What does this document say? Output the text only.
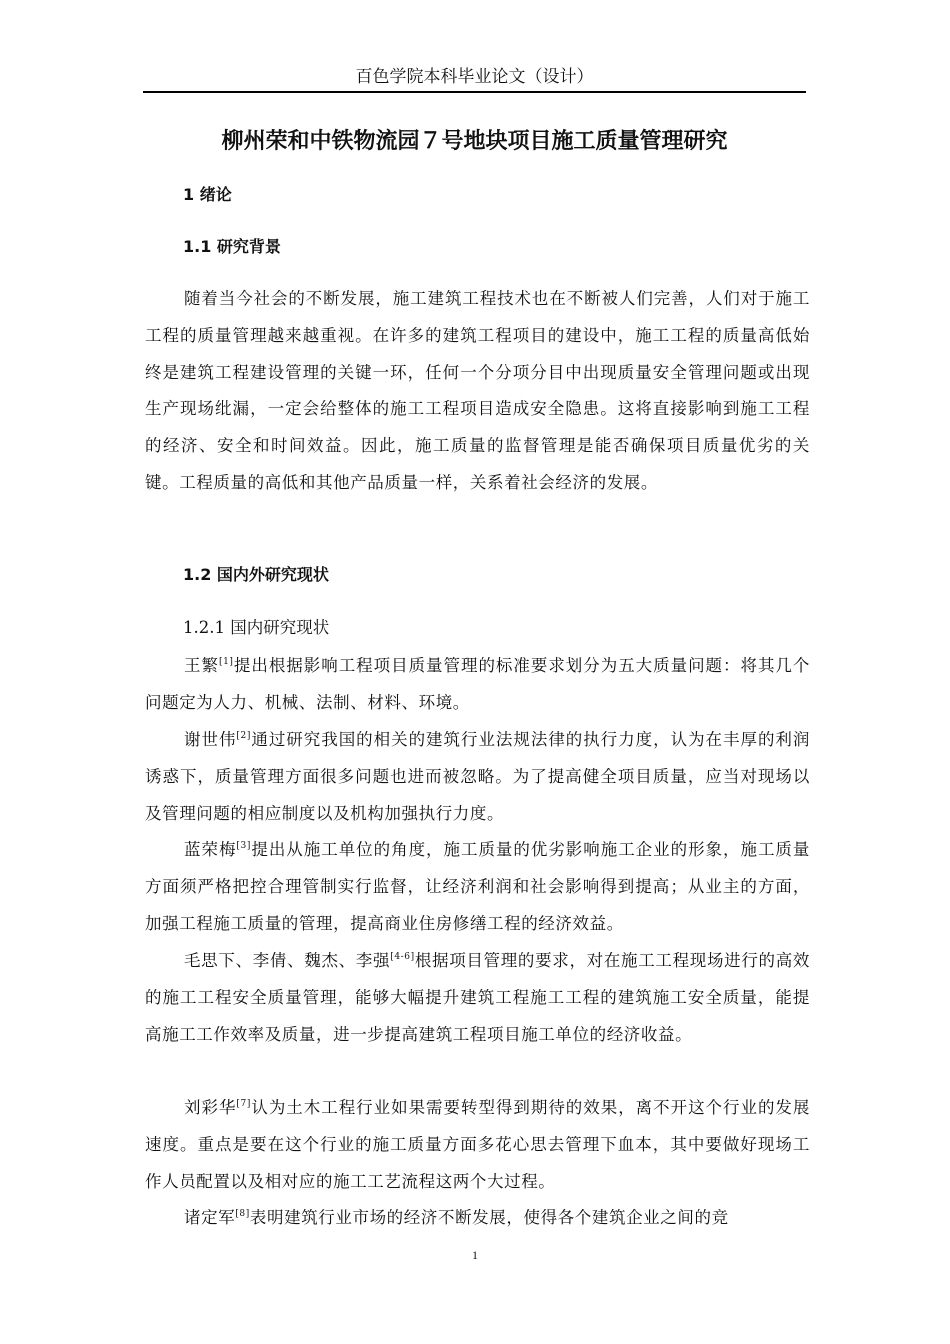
百色学院本科毕业论文（设计）
柳州荣和中铁物流园７号地块项目施工质量管理研究
1 绪论
1.1 研究背景

随着当今社会的不断发展，施工建筑工程技术也在不断被人们完善，人们对于施工工程的质量管理越来越重视。在许多的建筑工程项目的建设中，施工工程的质量高低始终是建筑工程建设管理的关键一环，任何一个分项分目中出现质量安全管理问题或出现生产现场纰漏，一定会给整体的施工工程项目造成安全隐患。这将直接影响到施工工程的经济、安全和时间效益。因此，施工质量的监督管理是能否确保项目质量优劣的关键。工程质量的高低和其他产品质量一样，关系着社会经济的发展。

1.2 国内外研究现状
1.2.1 国内研究现状

王繁[1]提出根据影响工程项目质量管理的标准要求划分为五大质量问题：将其几个问题定为人力、机械、法制、材料、环境。

谢世伟[2]通过研究我国的相关的建筑行业法规法律的执行力度，认为在丰厚的利润诱惑下，质量管理方面很多问题也进而被忽略。为了提高健全项目质量，应当对现场以及管理问题的相应制度以及机构加强执行力度。

蓝荣梅[3]提出从施工单位的角度，施工质量的优劣影响施工企业的形象，施工质量方面须严格把控合理管制实行监督，让经济利润和社会影响得到提高；从业主的方面，加强工程施工质量的管理，提高商业住房修缮工程的经济效益。

毛思下、李倩、魏杰、李强[4-6]根据项目管理的要求，对在施工工程现场进行的高效的施工工程安全质量管理，能够大幅提升建筑工程施工工程的建筑施工安全质量，能提高施工工作效率及质量，进一步提高建筑工程项目施工单位的经济收益。

刘彩华[7]认为土木工程行业如果需要转型得到期待的效果，离不开这个行业的发展速度。重点是要在这个行业的施工质量方面多花心思去管理下血本，其中要做好现场工作人员配置以及相对应的施工工艺流程这两个大过程。

诸定军[8]表明建筑行业市场的经济不断发展，使得各个建筑企业之间的竞

1
